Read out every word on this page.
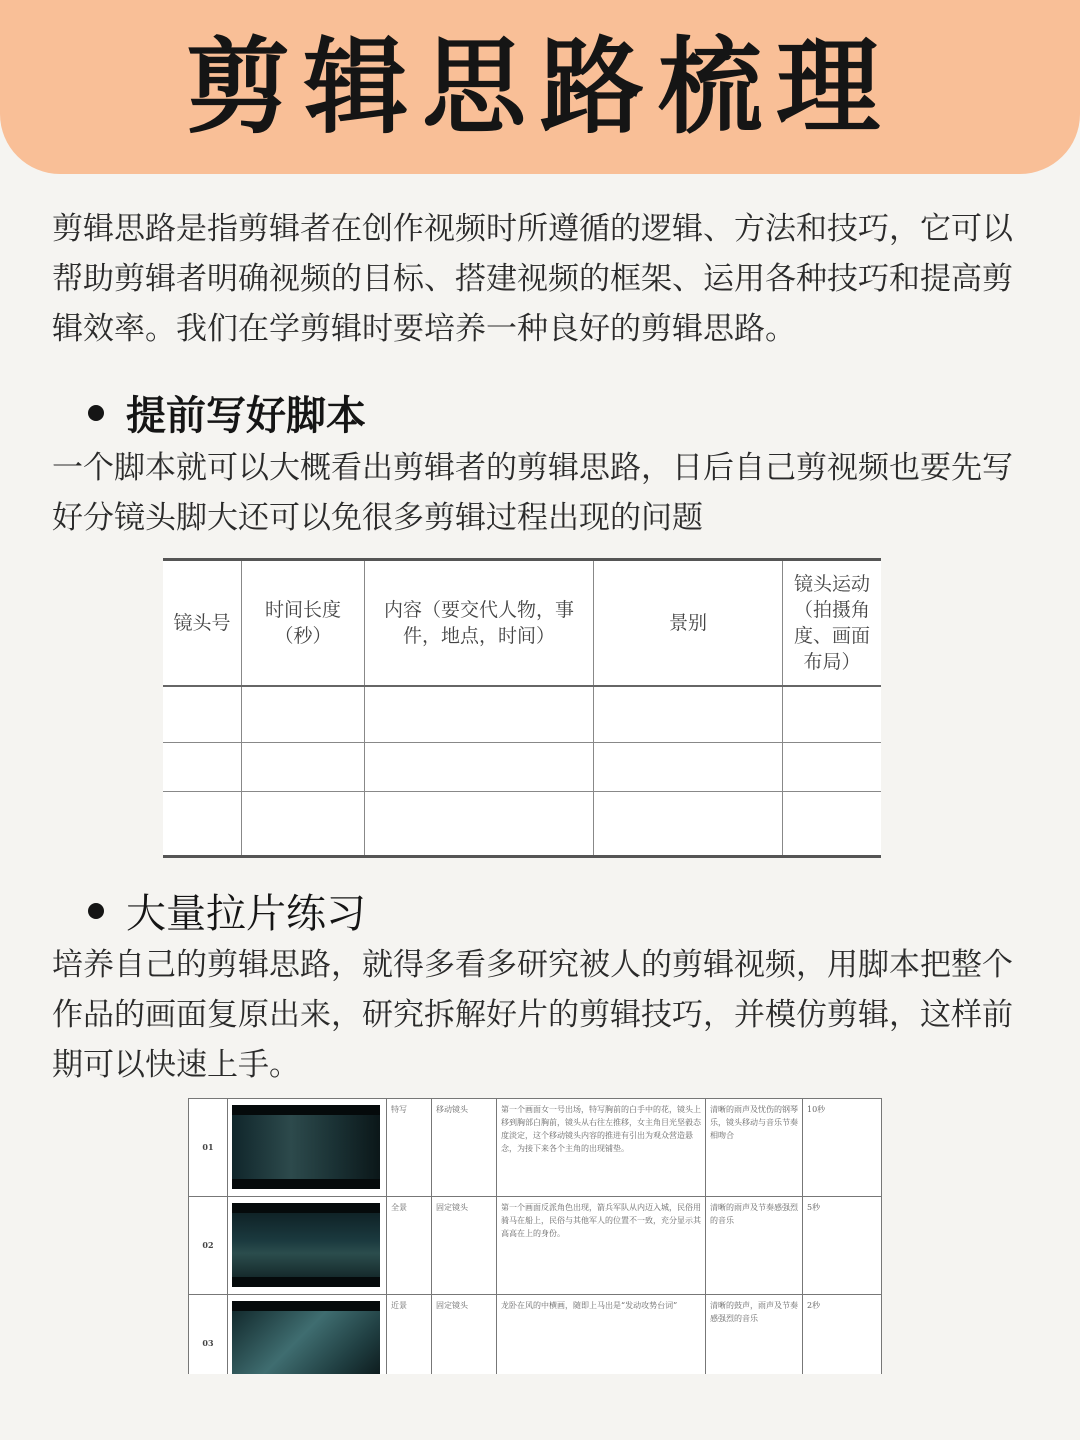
剪辑思路梳理

剪辑思路是指剪辑者在创作视频时所遵循的逻辑、方法和技巧，它可以帮助剪辑者明确视频的目标、搭建视频的框架、运用各种技巧和提高剪辑效率。我们在学剪辑时要培养一种良好的剪辑思路。

提前写好脚本

一个脚本就可以大概看出剪辑者的剪辑思路，日后自己剪视频也要先写好分镜头脚大还可以免很多剪辑过程出现的问题

镜头号	时间长度（秒）	内容（要交代人物，事件，地点，时间）	景别	镜头运动（拍摄角度、画面布局）

大量拉片练习

培养自己的剪辑思路，就得多看多研究被人的剪辑视频，用脚本把整个作品的画面复原出来，研究拆解好片的剪辑技巧，并模仿剪辑，这样前期可以快速上手。

01		特写	移动镜头	第一个画面女一号出场，特写胸前的白手中的花，镜头上移到胸部白胸前，镜头从右往左推移，女主角目光坚毅态度淡定，这个移动镜头内容的推进有引出为观众营造悬念，为接下来各个主角的出现铺垫。	清晰的雨声及忧伤的钢琴乐，镜头移动与音乐节奏相吻合	10秒
02		全景	固定镜头	第一个画面反派角色出现，箭兵军队从内迈入城，民俗用骑马在船上，民俗与其他军人的位置不一致，充分显示其高高在上的身份。	清晰的雨声及节奏感强烈的音乐	5秒
03		近景	固定镜头	龙卧在风的中横画，随即上马出是“发动攻势台词”	清晰的鼓声，雨声及节奏感强烈的音乐	2秒
